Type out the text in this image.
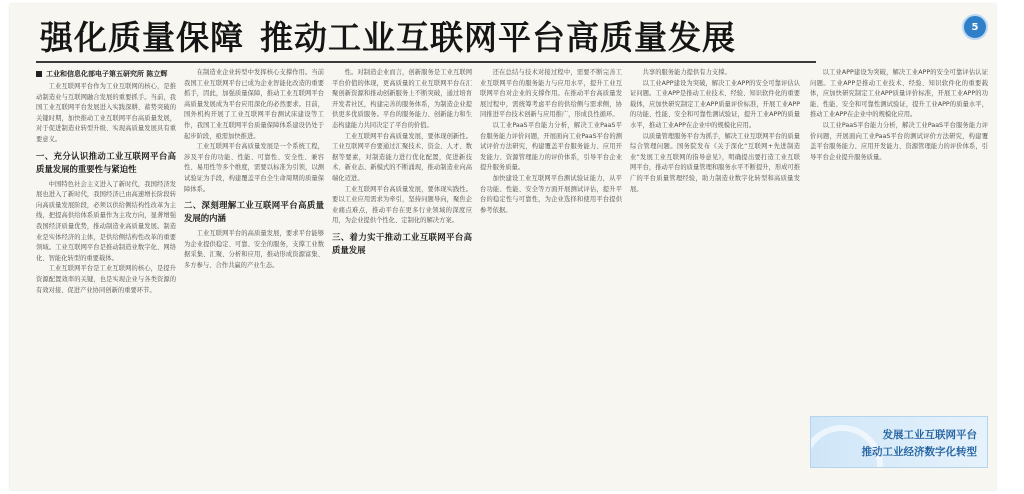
强化质量保障 推动工业互联网平台高质量发展	5
工业和信息化部电子第五研究所 陈立辉

工业互联网平台作为工业互联网的核心，是推动制造业与互联网融合发展的重要抓手。当前，我国工业互联网平台发展进入实践深耕、蓄势突破的关键时期，加快推动工业互联网平台高质量发展，对于促进制造业转型升级、实现高质量发展具有重要意义。

一、充分认识推动工业互联网平台高质量发展的重要性与紧迫性

中国特色社会主义进入了新时代，我国经济发展也进入了新时代，我国经济已由高速增长阶段转向高质量发展阶段，必须以供给侧结构性改革为主线，把提高供给体系质量作为主攻方向，显著增强我国经济质量优势，推动制造业高质量发展。制造业是实体经济的主体，是供给侧结构性改革的重要领域。工业互联网平台是推动制造业数字化、网络化、智能化转型的重要载体。

工业互联网平台是工业互联网的核心，是提升资源配置效率的关键，也是实现企业与各类资源的有效对接、促进产业协同创新的重要环节。

在制造业企业转型中发挥核心支撑作用。当前我国工业互联网平台已成为企业智能化改造的重要抓手，因此，加强质量保障，推动工业互联网平台高质量发展成为平台应用深化的必然要求。目前，国外机构开展了工业互联网平台测试床建设等工作，我国工业互联网平台质量保障体系建设仍处于起步阶段，亟需加快推进。

工业互联网平台高质量发展是一个系统工程，涉及平台的功能、性能、可靠性、安全性、兼容性、易用性等多个维度，需要以标准为引领，以测试验证为手段，构建覆盖平台全生命周期的质量保障体系。

二、深刻理解工业互联网平台高质量发展的内涵

工业互联网平台的高质量发展，要求平台能够为企业提供稳定、可靠、安全的服务，支撑工业数据采集、汇聚、分析和应用，推动形成资源富集、多方参与、合作共赢的产业生态。

性。对制造企业而言，创新服务是工业互联网平台价值的体现，更高质量的工业互联网平台在汇聚创新资源和推动创新服务上不断突破，通过培育开发者社区，构建完善的服务体系，为制造企业提供更多优质服务。平台的服务能力、创新能力和生态构建能力共同决定了平台的价值。

工业互联网平台高质量发展，要体现创新性。工业互联网平台要通过汇聚技术、资金、人才、数据等要素，对制造能力进行优化配置，促进新技术、新业态、新模式的不断涌现，推动制造业向高端化迈进。

工业互联网平台高质量发展，要体现实践性。要以工业应用需求为牵引，坚持问题导向，聚焦企业痛点难点，推动平台在更多行业领域的深度应用，为企业提供个性化、定制化的解决方案。

三、着力实干推动工业互联网平台高质量发展

还在总结与技术对接过程中，需要不断完善工业互联网平台的服务能力与应用水平，提升工业互联网平台对企业的支撑作用。在推动平台高质量发展过程中，需统筹考虑平台的供给侧与需求侧，协同推进平台技术创新与应用推广，形成良性循环。

以工业PaaS平台能力分析，解决工业PaaS平台服务能力评价问题，开展面向工业PaaS平台的测试评价方法研究，构建覆盖平台服务能力、应用开发能力、资源管理能力的评价体系，引导平台企业提升服务质量。

加快建设工业互联网平台测试验证能力，从平台功能、性能、安全等方面开展测试评估，提升平台的稳定性与可靠性，为企业选择和使用平台提供参考依据。

共享的服务能力提供有力支撑。

以工业APP建设为突破，解决工业APP的安全可靠评估认证问题。工业APP是推动工业技术、经验、知识软件化的重要载体，应加快研究制定工业APP质量评价标准，开展工业APP的功能、性能、安全和可靠性测试验证，提升工业APP的质量水平，推动工业APP在企业中的规模化应用。

以质量管理服务平台为抓手，解决工业互联网平台的质量综合管理问题。国务院发布《关于深化“互联网+先进制造业”发展工业互联网的指导意见》，明确提出要打造工业互联网平台，推动平台的质量管理和服务水平不断提升，形成可推广的平台质量管理经验，助力制造业数字化转型和高质量发展。

以工业APP建设为突破，解决工业APP的安全可靠评估认证问题。工业APP是推动工业技术、经验、知识软件化的重要载体，应加快研究制定工业APP质量评价标准，开展工业APP的功能、性能、安全和可靠性测试验证，提升工业APP的质量水平，推动工业APP在企业中的规模化应用。

以工业PaaS平台能力分析，解决工业PaaS平台服务能力评价问题，开展面向工业PaaS平台的测试评价方法研究，构建覆盖平台服务能力、应用开发能力、资源管理能力的评价体系，引导平台企业提升服务质量。

发展工业互联网平台
推动工业经济数字化转型
